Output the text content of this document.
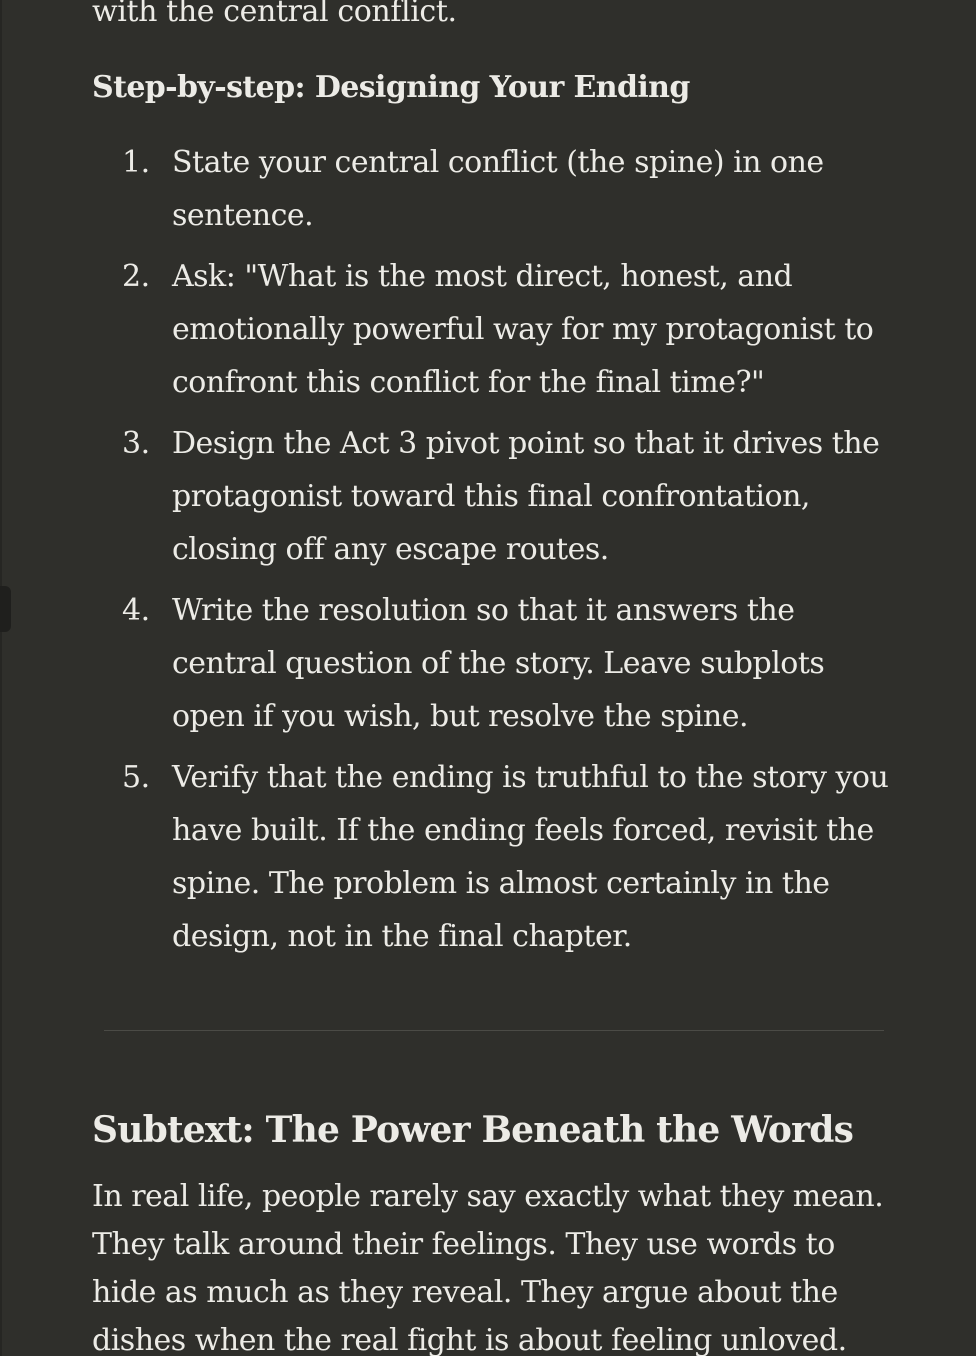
with the central conflict.

Step-by-step: Designing Your Ending
1. State your central conflict (the spine) in one sentence.
2. Ask: "What is the most direct, honest, and emotionally powerful way for my protagonist to confront this conflict for the final time?"
3. Design the Act 3 pivot point so that it drives the protagonist toward this final confrontation, closing off any escape routes.
4. Write the resolution so that it answers the central question of the story. Leave subplots open if you wish, but resolve the spine.
5. Verify that the ending is truthful to the story you have built. If the ending feels forced, revisit the spine. The problem is almost certainly in the design, not in the final chapter.
Subtext: The Power Beneath the Words

In real life, people rarely say exactly what they mean. They talk around their feelings. They use words to hide as much as they reveal. They argue about the dishes when the real fight is about feeling unloved.
